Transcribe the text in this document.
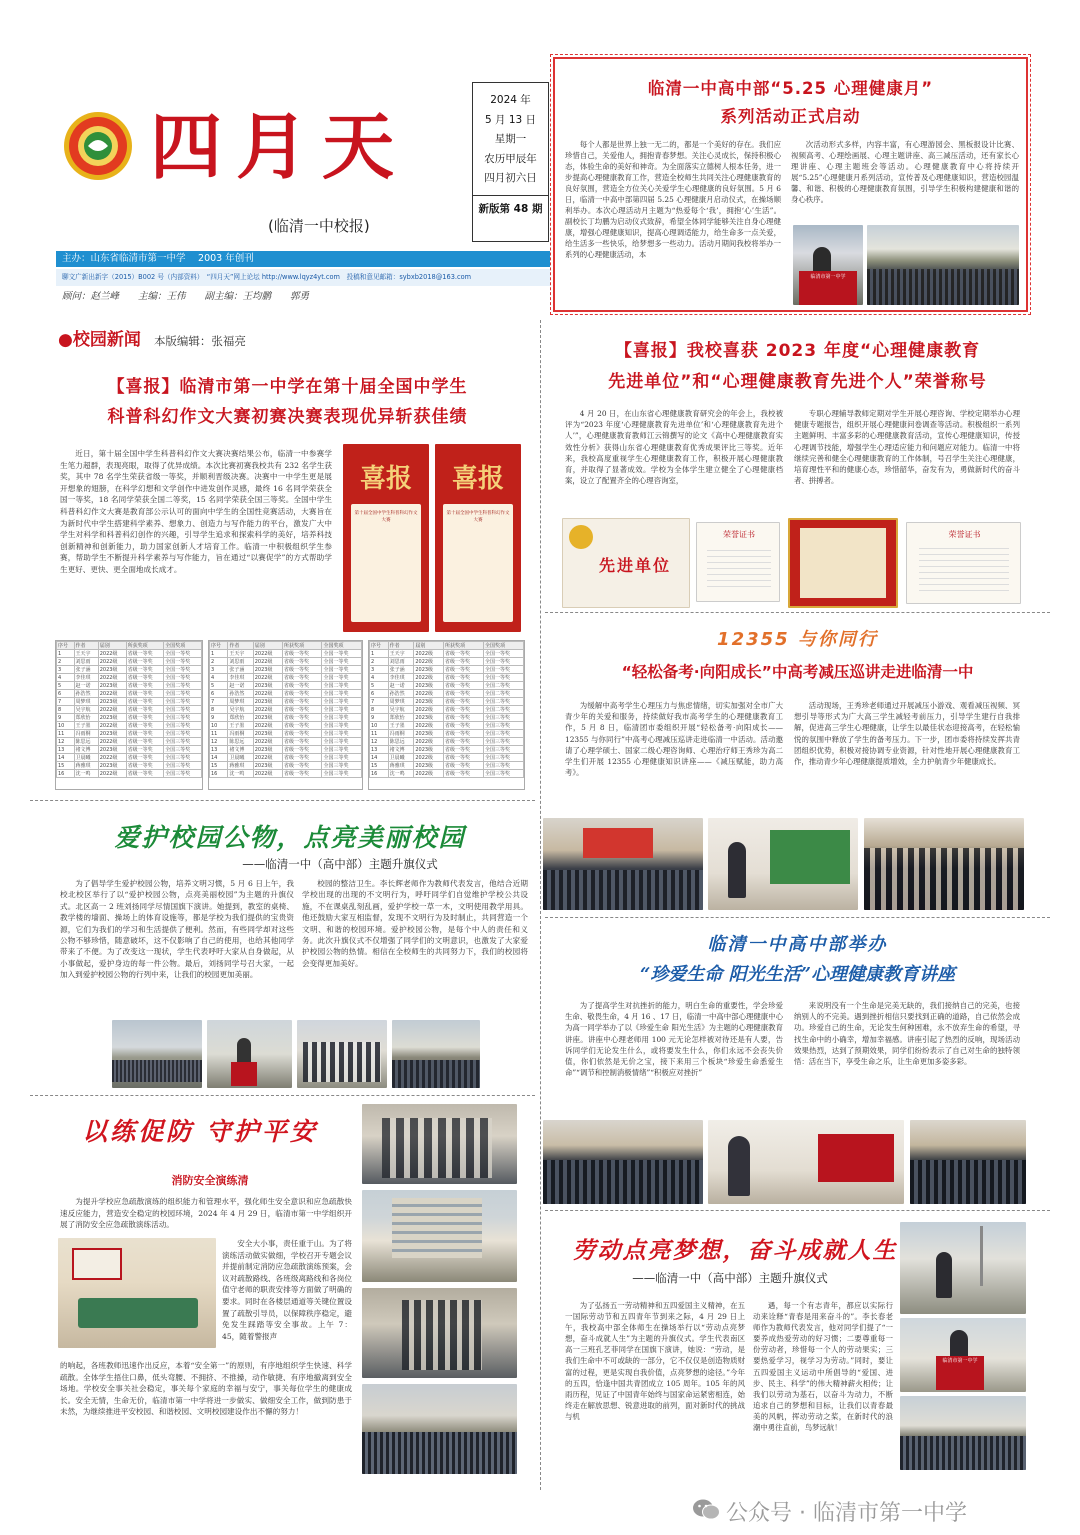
四月天
(临清一中校报)
2024 年
5 月 13 日
星期一
农历甲辰年
四月初六日
新版第 48 期
主办：山东省临清市第一中学　 2003 年创刊
聊文广新出新字（2015）B002 号（内部资料）　“四月天”网上论坛 http://www.lqyz4yt.com　投稿和意见邮箱：sybxb2018@163.com
顾问：赵兰峰　　主编：王伟　　副主编：王均鹏　　郭勇
临清一中高中部“5.25 心理健康月”
系列活动正式启动

每个人都是世界上独一无二的，都是一个美好的存在。我们应珍惜自己，关爱他人，拥抱青春梦想。关注心灵成长，保持积极心态，体验生命的美好和神奇。为全面落实立德树人根本任务，进一步提高心理健康教育工作，营造全校师生共同关注心理健康教育的良好氛围，营造全方位关心关爱学生心理健康的良好氛围。5 月 6 日，临清一中高中部第四届 5.25 心理健康月启动仪式，在操场顺利举办。本次心理活动月主题为“热爱每个‘我’，拥抱‘心’生活”。副校长丁均鹏为启动仪式致辞，希望全体同学能够关注自身心理健康，增强心理健康知识，提高心理调适能力，给生命多一点关爱，给生活多一些快乐，给梦想多一些动力。活动月期间我校将举办一系列的心理健康活动，本

次活动形式多样，内容丰富，有心理游园会、黑板报设计比赛、视频高考、心理绘画展、心理主题讲座、高三减压活动，还有家长心理讲座、心理主题班会等活动。心理健康教育中心将持续开展“5.25”心理健康月系列活动，宣传普及心理健康知识，营造校园温馨、和谐、积极的心理健康教育氛围，引导学生积极构建健康和谐的身心秩序。

临清市第一中学
●校园新闻 本版编辑：张福亮
【喜报】临清市第一中学在第十届全国中学生
科普科幻作文大赛初赛决赛表现优异斩获佳绩

近日，第十届全国中学生科普科幻作文大赛决赛结果公布，临清一中参赛学生笔力超群，表现亮眼，取得了优异成绩。本次比赛初赛我校共有 232 名学生获奖，其中 78 名学生荣获省级一等奖，并顺利晋级决赛。决赛中一中学生更是展开想象的翅膀，在科学幻想和文学创作中进发创作灵感，最终 16 名同学荣获全国一等奖，18 名同学荣获全国二等奖，15 名同学荣获全国三等奖。全国中学生科普科幻作文大赛是教育部公示认可的面向中学生的全国性竞赛活动，大赛旨在为新时代中学生搭建科学素养、想象力、创造力与写作能力的平台，激发广大中学生对科学和科普科幻创作的兴趣，引导学生追求和探索科学的美好，培养科技创新精神和创新能力，助力国家创新人才培育工作。临清一中积极组织学生参赛，帮助学生不断提升科学素养与写作能力，旨在通过“以赛促学”的方式帮助学生更好、更快、更全面地成长成才。

喜报
第十届全国中学生科普科幻作文大赛
喜报
第十届全国中学生科普科幻作文大赛
序号	作者	届别	所获奖项	全国奖项
1	王天宇	2022级	省级一等奖	全国一等奖
2	刘思雨	2022级	省级一等奖	全国一等奖
3	张子涵	2023级	省级一等奖	全国一等奖
4	李佳琪	2022级	省级一等奖	全国一等奖
5	赵一诺	2023级	省级一等奖	全国二等奖
6	孙浩然	2022级	省级一等奖	全国二等奖
7	周梦琪	2023级	省级一等奖	全国二等奖
8	吴宇航	2022级	省级一等奖	全国二等奖
9	郑欣怡	2023级	省级一等奖	全国三等奖
10	王子墨	2022级	省级一等奖	全国三等奖
11	冯雨桐	2023级	省级一等奖	全国三等奖
12	陈思远	2022级	省级一等奖	全国三等奖
13	褚文博	2023级	省级一等奖	全国三等奖
14	卫晨曦	2022级	省级一等奖	全国三等奖
15	蒋雅琪	2023级	省级一等奖	全国三等奖
16	沈一鸣	2022级	省级一等奖	全国三等奖
序号	作者	届别	所获奖项	全国奖项
1	王天宇	2022级	省级一等奖	全国一等奖
2	刘思雨	2022级	省级一等奖	全国一等奖
3	张子涵	2023级	省级一等奖	全国一等奖
4	李佳琪	2022级	省级一等奖	全国一等奖
5	赵一诺	2023级	省级一等奖	全国二等奖
6	孙浩然	2022级	省级一等奖	全国二等奖
7	周梦琪	2023级	省级一等奖	全国二等奖
8	吴宇航	2022级	省级一等奖	全国二等奖
9	郑欣怡	2023级	省级一等奖	全国三等奖
10	王子墨	2022级	省级一等奖	全国三等奖
11	冯雨桐	2023级	省级一等奖	全国三等奖
12	陈思远	2022级	省级一等奖	全国三等奖
13	褚文博	2023级	省级一等奖	全国三等奖
14	卫晨曦	2022级	省级一等奖	全国三等奖
15	蒋雅琪	2023级	省级一等奖	全国三等奖
16	沈一鸣	2022级	省级一等奖	全国三等奖
序号	作者	届别	所获奖项	全国奖项
1	王天宇	2022级	省级一等奖	全国一等奖
2	刘思雨	2022级	省级一等奖	全国一等奖
3	张子涵	2023级	省级一等奖	全国一等奖
4	李佳琪	2022级	省级一等奖	全国一等奖
5	赵一诺	2023级	省级一等奖	全国二等奖
6	孙浩然	2022级	省级一等奖	全国二等奖
7	周梦琪	2023级	省级一等奖	全国二等奖
8	吴宇航	2022级	省级一等奖	全国二等奖
9	郑欣怡	2023级	省级一等奖	全国三等奖
10	王子墨	2022级	省级一等奖	全国三等奖
11	冯雨桐	2023级	省级一等奖	全国三等奖
12	陈思远	2022级	省级一等奖	全国三等奖
13	褚文博	2023级	省级一等奖	全国三等奖
14	卫晨曦	2022级	省级一等奖	全国三等奖
15	蒋雅琪	2023级	省级一等奖	全国三等奖
16	沈一鸣	2022级	省级一等奖	全国三等奖
爱护校园公物，点亮美丽校园
——临清一中（高中部）主题升旗仪式

为了倡导学生爱护校园公物，培养文明习惯，5 月 6 日上午，我校北校区举行了以“爱护校园公物，点亮美丽校园”为主题的升旗仪式。北区高一 2 班刘扬同学尽情国旗下演讲。她提到，教室的桌椅、教学楼的墙面、操场上的体育设施等，都是学校为我们提供的宝贵资源，它们为我们的学习和生活提供了便利。然而，有些同学却对这些公物不够珍惜，随意破坏，这不仅影响了自己的使用，也给其他同学带来了不便。为了改变这一现状，学生代表呼吁大家从自身做起，从小事做起，爱护身边的每一件公物。最后，刘扬同学号召大家，一起加入到爱护校园公物的行列中来，让我们的校园更加美丽。

校园的整洁卫生。李长辉老师作为教师代表发言，他结合近期学校出现的出现的不文明行为，呼吁同学们自觉维护学校公共设施，不在课桌乱刻乱画，爱护学校一草一木，文明使用教学用具。他还鼓励大家互相监督，发现不文明行为及时制止，共同营造一个文明、和谐的校园环境。爱护校园公物，是每个中人的责任和义务。此次升旗仪式不仅增强了同学们的文明意识，也激发了大家爱护校园公物的热情。相信在全校师生的共同努力下，我们的校园将会变得更加美好。

以练促防 守护平安
消防安全演练清

为提升学校应急疏散演练的组织能力和管理水平，强化师生安全意识和应急疏散快速反应能力，营造安全稳定的校园环境，2024 年 4 月 29 日，临清市第一中学组织开展了消防安全应急疏散演练活动。

安全大小事，责任重于山。为了将演练活动做实做细，学校召开专题会议并提前制定消防应急疏散演练预案，会议对疏散路线、各班级离路线和各岗位值守老师的职责安排等方面做了明确的要求。同时在各楼层通道等关键位置设置了疏散引导员，以保障秩序稳定，避免发生踩踏等安全事故。上午 7：45，随着警报声

的响起，各班教师迅速作出反应，本着“安全第一”的原则，有序地组织学生快速、科学疏散。全体学生捂住口鼻，低头弯腰、不拥挤、不推搡，动作敏捷、有序地撤离到安全场地。学校安全事关社会稳定，事关每个家庭的幸福与安宁，事关每位学生的健康成长。安全无情，生命无价，临清市第一中学将进一步做实、做细安全工作，做到防患于未然，为继续推进平安校园、和谐校园、文明校园建设作出不懈的努力！

【喜报】我校喜获 2023 年度“心理健康教育
先进单位”和“心理健康教育先进个人”荣誉称号

4 月 20 日，在山东省心理健康教育研究会的年会上，我校被评为“2023 年度‘心理健康教育先进单位’和‘心理健康教育先进个人’”，心理健康教育教师江云锦撰写的论文《高中心理健康教育实效性分析》获得山东省心理健康教育优秀成果评比三等奖。近年来，我校高度重视学生心理健康教育工作，积极开展心理健康教育，并取得了显著成效。学校为全体学生建立健全了心理健康档案，设立了配置齐全的心理咨询室，

专职心理辅导教师定期对学生开展心理咨询、学校定期举办心理健康专题报告，组织开展心理健康问卷调查等活动。积极组织一系列主题鲜明、丰富多彩的心理健康教育活动，宣传心理健康知识，传授心理调节技能，增强学生心理适应能力和问题应对能力。临清一中将继续完善和健全心理健康教育的工作体制，号召学生关注心理健康，培育理性平和的健康心态，珍惜韶华，奋发有为，勇做新时代的奋斗者、拼搏者。

先进单位
荣誉证书	荣誉证书
12355 与你同行
“轻松备考·向阳成长”中高考减压巡讲走进临清一中

为缓解中高考学生心理压力与焦虑情绪，切实加强对全市广大青少年的关爱和服务，持续做好我市高考学生的心理健康教育工作，5 月 8 日，临清团市委组织开展“轻松备考·向阳成长——12355 与你同行”中高考心理减压巡讲走进临清一中活动。活动邀请了心理学硕士、国家二级心理咨询师、心理治疗师王秀珍为高二学生们开展 12355 心理健康知识讲座——《减压赋能，助力高考》。

活动现场，王秀珍老师通过开展减压小游戏、观看减压视频、冥想引导等形式为广大高三学生减轻考前压力，引导学生建行自我排解，促进高三学生心理健康，让学生以最佳状态迎接高考，在轻松愉悦的氛围中释放了学生的备考压力。下一步，团市委将持续发挥共青团组织优势，积极对接协调专业资源，针对性地开展心理健康教育工作，推动青少年心理健康提质增效，全力护航青少年健康成长。

临清一中高中部举办
“珍爱生命 阳光生活”心理健康教育讲座

为了提高学生对抗挫折的能力，明白生命的重要性，学会珍爱生命、敬畏生命，4 月 16 、17 日，临清一中高中部心理健康中心为高一同学举办了以《珍爱生命 阳光生活》为主题的心理健康教育讲座。讲座中心理老师用 100 元无论怎样被对待还是有人要，告诉同学们无论发生什么，或将要发生什么，你们永远不会丧失价值，你们依然是无价之宝，接下来用三个板块“珍爱生命悉爱生命”“调节和控制消极情绪”“积极应对挫折”

来说明没有一个生命是完美无缺的，我们接纳自己的完美，也接纳别人的不完美。遇到挫折相信只要找到正确的道路，自己依然会成功。珍爱自己的生命，无论发生何种困难，永不放弃生命的希望，寻找生命中的小确幸，增加幸福感。讲座引起了热烈的反响，现场活动效果热烈，达到了预期效果，同学们纷纷表示了自己对生命的独特领悟：活在当下，享受生命之乐，让生命更加多姿多彩。

劳动点亮梦想，奋斗成就人生
——临清一中（高中部）主题升旗仪式

为了弘扬五一劳动精神和五四爱国主义精神，在五一国际劳动节和五四青年节到来之际，4 月 29 日上午，我校高中部全体师生在操场举行以“劳动点亮梦想，奋斗成就人生”为主题的升旗仪式。学生代表南区高一三班孔艺菲同学在国旗下演讲，她说：“劳动，是我们生命中不可或缺的一部分，它不仅仅是创造物质财富的过程，更是实现自我价值，点亮梦想的途径。”今年的五四，恰逢中国共青团成立 105 周年。105 年的风雨历程，见证了中国青年始终与国家命运紧密相连，始终走在解放思想、锐意进取的前列，面对新时代的挑战与机

遇，每一个有志青年，都应以实际行动来诠释“青春是用来奋斗的”。李长春老师作为教师代表发言，他对同学们提了“一要养成热爱劳动的好习惯；二要尊重每一份劳动者，珍惜每一个人的劳动果实；三要热爱学习，视学习为劳动。”同时，要让五四爱国主义运动中所倡导的“爱国、进步、民主、科学”的伟大精神薪火相传；让我们以劳动为基石，以奋斗为动力，不断追求自己的梦想和目标，让我们以青春最美的风帆，挥动劳动之桨，在新时代的浪潮中勇往直前，鸟梦远航！

临清市第一中学
公众号 · 临清市第一中学
